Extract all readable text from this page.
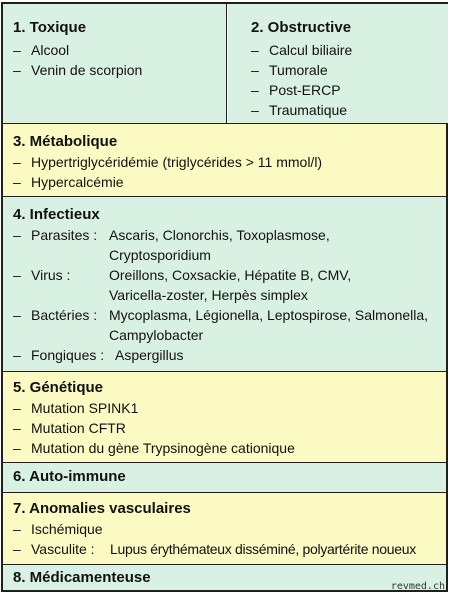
1. Toxique
– Alcool
– Venin de scorpion
2. Obstructive
– Calcul biliaire
– Tumorale
– Post-ERCP
– Traumatique
3. Métabolique
– Hypertriglycéridémie (triglycérides > 11 mmol/l)
– Hypercalcémie
4. Infectieux
– Parasites : Ascaris, Clonorchis, Toxoplasmose,
Cryptosporidium
– Virus :	Oreillons, Coxsackie, Hépatite B, CMV,
Varicella-zoster, Herpès simplex
– Bactéries : Mycoplasma, Légionella, Leptospirose, Salmonella,
Campylobacter
– Fongiques : Aspergillus
5. Génétique
– Mutation SPINK1
– Mutation CFTR
– Mutation du gène Trypsinogène cationique
6. Auto-immune
7. Anomalies vasculaires
– Ischémique
– Vasculite : Lupus érythémateux disséminé, polyartérite noueux
8. Médicamenteuse
revmed.ch
